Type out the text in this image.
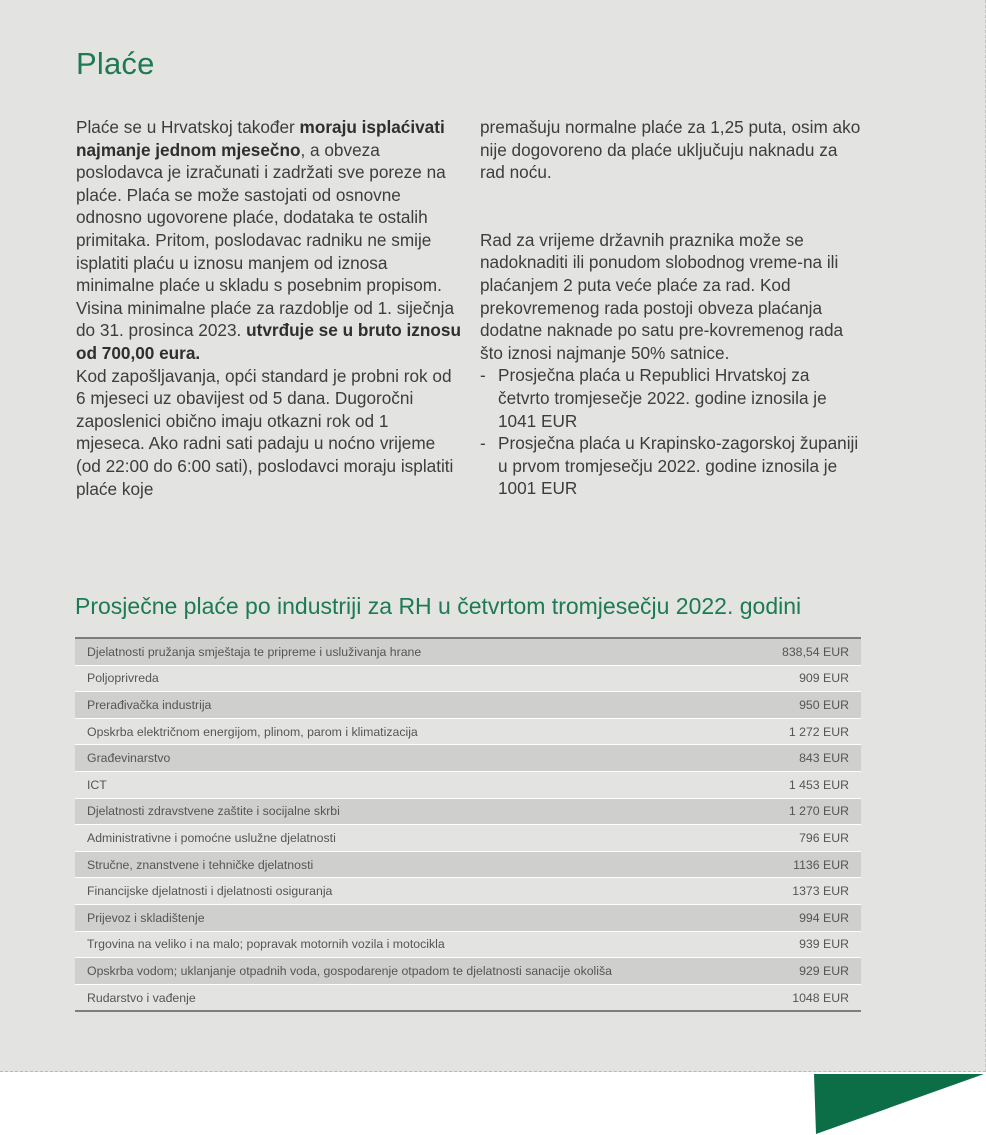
Plaće

Plaće se u Hrvatskoj također moraju isplaćivati najmanje jednom mjesečno, a obveza poslodavca je izračunati i zadržati sve poreze na plaće. Plaća se može sastojati od osnovne odnosno ugovorene plaće, dodataka te ostalih primitaka. Pritom, poslodavac radniku ne smije isplatiti plaću u iznosu manjem od iznosa minimalne plaće u skladu s posebnim propisom.

Visina minimalne plaće za razdoblje od 1. siječnja do 31. prosinca 2023. utvrđuje se u bruto iznosu od 700,00 eura.

Kod zapošljavanja, opći standard je probni rok od 6 mjeseci uz obavijest od 5 dana. Dugoročni zaposlenici obično imaju otkazni rok od 1 mjeseca. Ako radni sati padaju u noćno vrijeme (od 22:00 do 6:00 sati), poslodavci moraju isplatiti plaće koje

premašuju normalne plaće za 1,25 puta, osim ako nije dogovoreno da plaće uključuju naknadu za rad noću.

Rad za vrijeme državnih praznika može se nadoknaditi ili ponudom slobodnog vreme-na ili plaćanjem 2 puta veće plaće za rad. Kod prekovremenog rada postoji obveza plaćanja dodatne naknade po satu pre-kovremenog rada što iznosi najmanje 50% satnice.

- Prosječna plaća u Republici Hrvatskoj za četvrto tromjesečje 2022. godine iznosila je 1041 EUR
- Prosječna plaća u Krapinsko-zagorskoj županiji u prvom tromjesečju 2022. godine iznosila je 1001 EUR
Prosječne plaće po industriji za RH u četvrtom tromjesečju 2022. godini
Djelatnosti pružanja smještaja te pripreme i usluživanja hrane	838,54 EUR
Poljoprivreda	909 EUR
Prerađivačka industrija	950 EUR
Opskrba električnom energijom, plinom, parom i klimatizacija	1 272 EUR
Građevinarstvo	843 EUR
ICT	1 453 EUR
Djelatnosti zdravstvene zaštite i socijalne skrbi	1 270 EUR
Administrativne i pomoćne uslužne djelatnosti	796 EUR
Stručne, znanstvene i tehničke djelatnosti	1136 EUR
Financijske djelatnosti i djelatnosti osiguranja	1373 EUR
Prijevoz i skladištenje	994 EUR
Trgovina na veliko i na malo; popravak motornih vozila i motocikla	939 EUR
Opskrba vodom; uklanjanje otpadnih voda, gospodarenje otpadom te djelatnosti sanacije okoliša	929 EUR
Rudarstvo i vađenje	1048 EUR
